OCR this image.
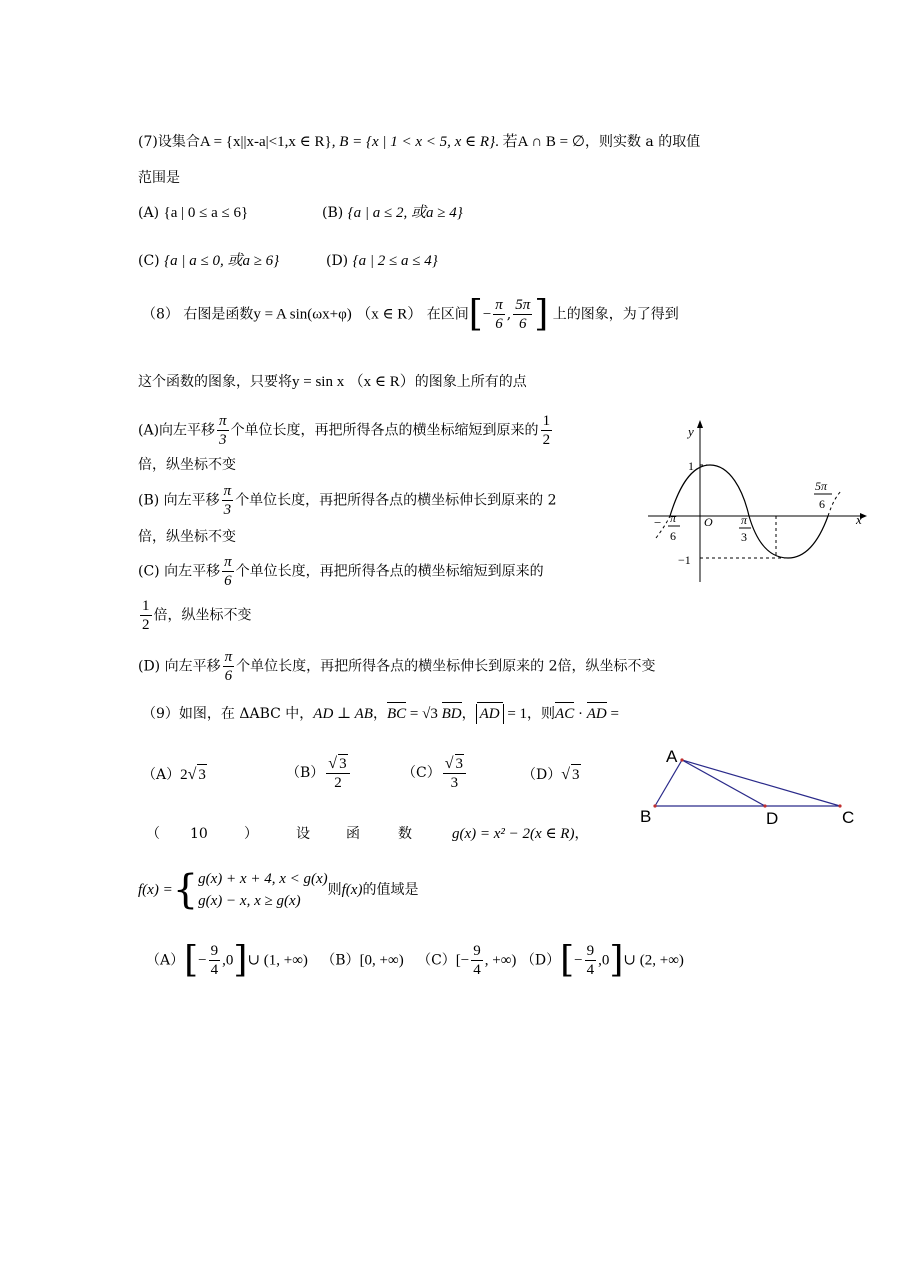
(7)设集合A = {x||x-a|<1,x ∈ R}, B = {x | 1 < x < 5, x ∈ R}. 若A ∩ B = ∅，则实数 a 的取值
范围是
(A) {a | 0 ≤ a ≤ 6}	(B) {a | a ≤ 2, 或a ≥ 4}
(C) {a | a ≤ 0, 或a ≥ 6}	(D) {a | 2 ≤ a ≤ 4}
（8） 右图是函数y = A sin(ωx+φ) （x ∈ R） 在区间[− $\frac{\pi}{6}$ , $\frac{5\pi}{6}$ ] 上的图象，为了得到
这个函数的图象，只要将y = sin x （x ∈ R）的图象上所有的点
(A)向左平移 $\frac{\pi}{3}$ 个单位长度，再把所得各点的横坐标缩短到原来的 $\frac{1}{2}$
倍，纵坐标不变
(B) 向左平移 $\frac{\pi}{3}$ 个单位长度，再把所得各点的横坐标伸长到原来的 2
倍，纵坐标不变
(C) 向左平移 $\frac{\pi}{6}$ 个单位长度，再把所得各点的横坐标缩短到原来的
$\frac{1}{2}$ 倍，纵坐标不变
(D) 向左平移 $\frac{\pi}{6}$ 个单位长度，再把所得各点的横坐标伸长到原来的 2倍，纵坐标不变
y
x
O
1
−1
− π
6
π
3
5π
6
（9）如图，在 ΔABC 中，AD ⊥ AB，BC = √3 BD， AD = 1，则AC · AD =
（A）2√ 3	$(B) \frac{√ 3}{2}$	$(C) \frac{√ 3}{3}$	（D）√ 3
A
B	D	C
（ 10	）	设	函	数	g(x) = x² − 2(x ∈ R)，
f(x) ={ g(x) + x + 4, x < g(x)
g(x) − x, x ≥ g(x)
则f(x)的值域是
$(A)[- \frac{9}{4}$ ,0]∪ (1, +∞) （B）[0, +∞) $(C)[- \frac{9}{4}$ , +∞) $(D)[- \frac{9}{4}$ ,0]∪ (2, +∞)
